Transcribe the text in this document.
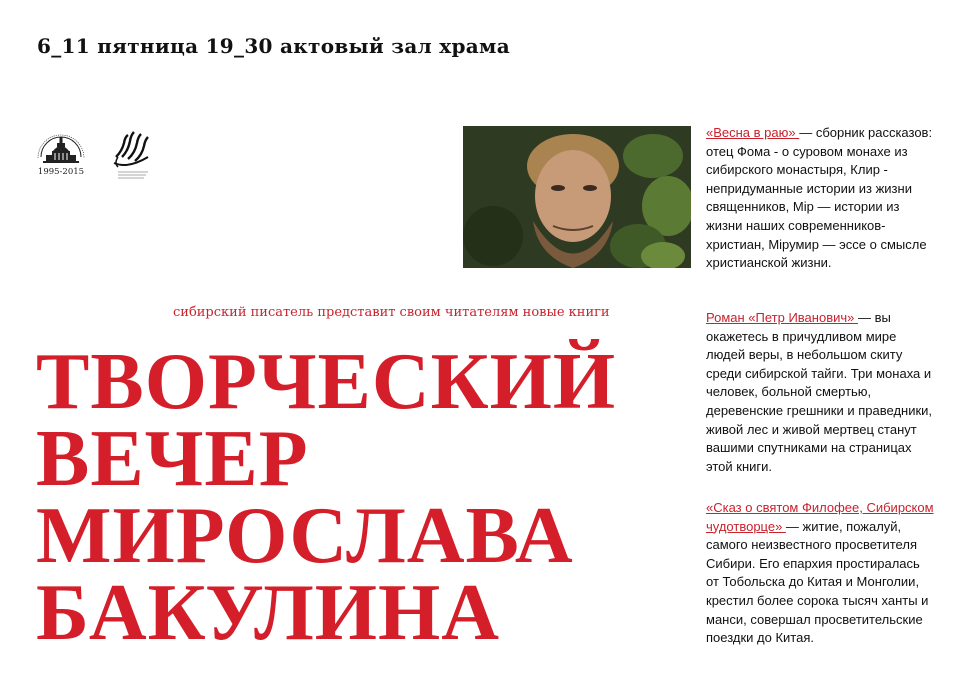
6_11 пятница 19_30 актовый зал храма
1995-2015
сибирский писатель представит своим читателям новые книги
ТВОРЧЕСКИЙ
ВЕЧЕР
МИРОСЛАВА
БАКУЛИНА
«Весна в раю» — сборник рассказов: отец Фома - о суровом монахе из сибирского монастыря, Клир - непридуманные истории из жизни священников, Мiр — истории из жизни наших современников-христиан, Мiрумир — эссе о смысле христианской жизни.
Роман «Петр Иванович» — вы окажетесь в причудливом мире людей веры, в небольшом скиту среди сибирской тайги. Три монаха и человек, больной смертью, деревенские грешники и праведники, живой лес и живой мертвец станут вашими спутниками на страницах этой книги.
«Сказ о святом Филофее, Сибирском чудотворце» — житие, пожалуй, самого неизвестного просветителя Сибири. Его епархия простиралась от Тобольска до Китая и Монголии, крестил более сорока тысяч ханты и манси, совершал просветительские поездки до Китая.
